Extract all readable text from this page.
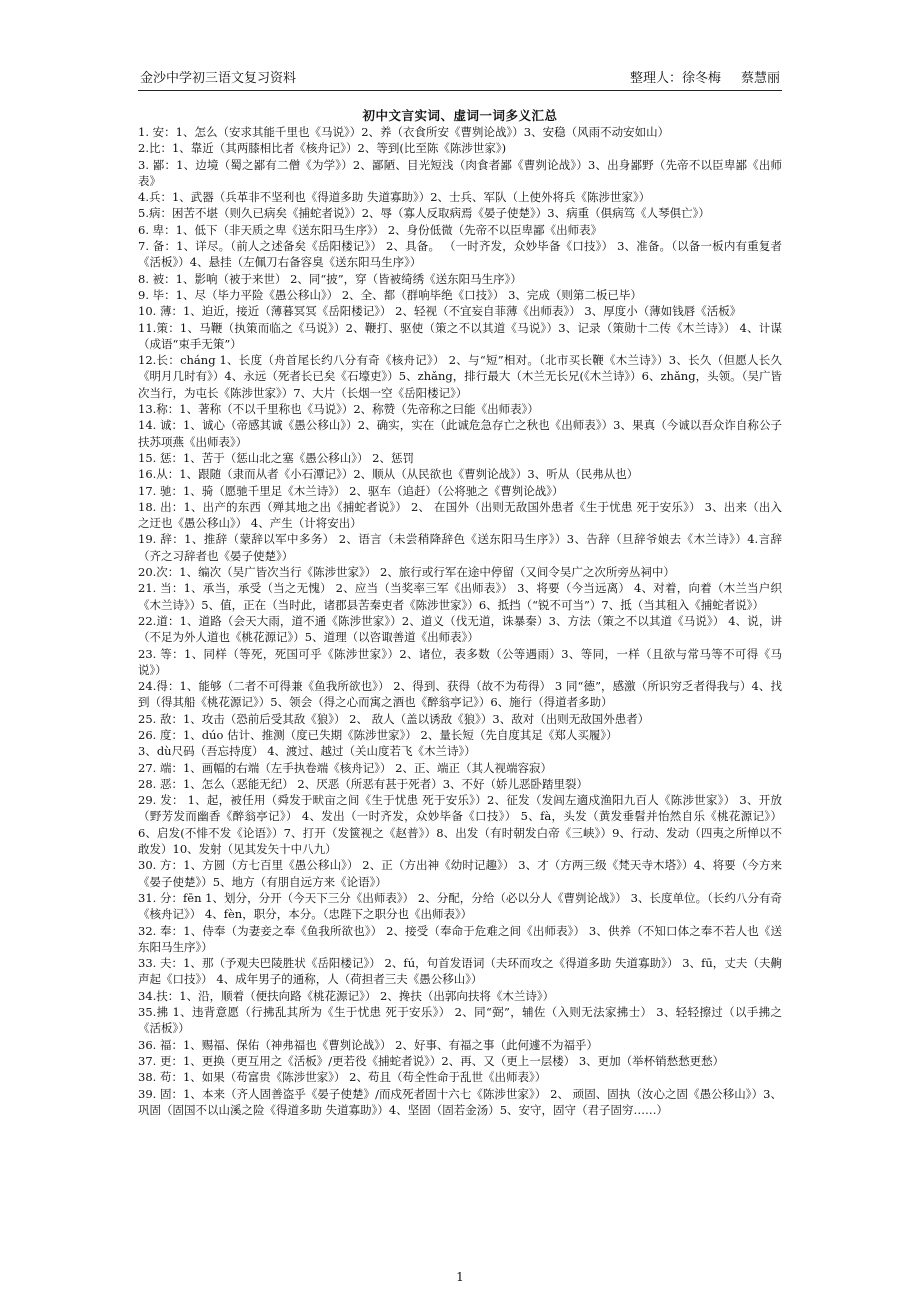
金沙中学初三语文复习资料	整理人：徐冬梅 蔡慧丽
初中文言实词、虚词一词多义汇总

1. 安：1、怎么（安求其能千里也《马说》）2、养（衣食所安《曹刿论战》）3、安稳（风雨不动安如山）

2.比：1、靠近（其两膝相比者《核舟记》）2、等到(比至陈《陈涉世家》)

3. 鄙：1、边境（蜀之鄙有二僧《为学》）2、鄙陋、目光短浅（肉食者鄙《曹刿论战》）3、出身鄙野（先帝不以臣卑鄙《出师表》

4.兵：1、武器（兵革非不坚利也《得道多助 失道寡助》）2、士兵、军队（上使外将兵《陈涉世家》）

5.病：困苦不堪（则久已病矣《捕蛇者说》）2、辱（寡人反取病焉《晏子使楚》）3、病重（俱病笃《人琴俱亡》）

6. 卑：1、低下（非天质之卑《送东阳马生序》） 2、身份低微（先帝不以臣卑鄙《出师表》

7. 备：1、详尽。（前人之述备矣《岳阳楼记》） 2、具备。 （一时齐发，众妙毕备《口技》） 3、准备。（以备一板内有重复者《活板》）4、悬挂（左佩刀右备容臭《送东阳马生序》）

8. 被：1、影响（被于来世） 2、同“披”，穿（皆被绮绣《送东阳马生序》）

9. 毕：1、尽（毕力平险《愚公移山》） 2、全、都（群响毕绝《口技》） 3、完成（则第二板已毕）

10. 薄：1、迫近，接近（薄暮冥冥《岳阳楼记》） 2、轻视（不宜妄自菲薄《出师表》） 3、厚度小（薄如钱唇《活板》

11.策：1、马鞭（执策而临之《马说》）2、鞭打、驱使（策之不以其道《马说》）3、记录（策勋十二传《木兰诗》） 4、计谋（成语“束手无策”）

12.长：cháng 1、长度（舟首尾长约八分有奇《核舟记》） 2、与“短”相对。（北市买长鞭《木兰诗》）3、长久（但愿人长久《明月几时有》）4、永远（死者长已矣《石壕吏》）5、zhǎng，排行最大（木兰无长兄(《木兰诗》）6、zhǎng，头领。（吴广皆次当行，为屯长《陈涉世家》）7、大片（长烟一空《岳阳楼记》）

13.称：1、著称（不以千里称也《马说》）2、称赞（先帝称之曰能《出师表》）

14. 诚：1、诚心（帝感其诚《愚公移山》）2、确实，实在（此诚危急存亡之秋也《出师表》）3、果真（今诚以吾众诈自称公子扶苏项燕《出师表》）

15. 惩：1、苦于（惩山北之塞《愚公移山》） 2、惩罚

16.从：1、跟随（隶而从者《小石潭记》）2、顺从（从民欲也《曹刿论战》）3、听从（民弗从也）

17. 驰：1、骑（愿驰千里足《木兰诗》） 2、驱车（追赶）（公将驰之《曹刿论战》）

18. 出：1、出产的东西（殚其地之出《捕蛇者说》） 2、 在国外（出则无敌国外患者《生于忧患 死于安乐》） 3、出来（出入之迂也《愚公移山》） 4、产生（计将安出）

19. 辞：1、推辞（蒙辞以军中多务） 2、语言（未尝稍降辞色《送东阳马生序》）3、告辞（旦辞爷娘去《木兰诗》）4.言辞（齐之习辞者也《晏子使楚》）

20.次：1、编次（吴广皆次当行《陈涉世家》） 2、旅行或行军在途中停留（又间令吴广之次所旁丛祠中）

21. 当：1、承当，承受（当之无愧） 2、应当（当奖率三军《出师表》） 3、将要（今当远离） 4、对着，向着（木兰当户织《木兰诗》）5、值，正在（当时此，诸郡县苦秦吏者《陈涉世家》）6、抵挡（“锐不可当”）7、抵（当其租入《捕蛇者说》）

22.道：1、道路（会天大雨，道不通《陈涉世家》）2、道义（伐无道，诛暴秦）3、方法（策之不以其道《马说》） 4、说，讲（不足为外人道也《桃花源记》）5、道理（以咨诹善道《出师表》）

23. 等：1、同样（等死，死国可乎《陈涉世家》）2、诸位，表多数（公等遇雨）3、等同，一样（且欲与常马等不可得《马说》）

24.得：1、能够（二者不可得兼《鱼我所欲也》） 2、得到、获得（故不为苟得） 3 同“德”，感激（所识穷乏者得我与）4、找到（得其船《桃花源记》）5、领会（得之心而寓之酒也《醉翁亭记》）6、施行（得道者多助）

25. 敌：1、攻击（恐前后受其敌《狼》） 2、 敌人（盖以诱敌《狼》）3、敌对（出则无敌国外患者）

26. 度：1、dúo 估计、推测（度已失期《陈涉世家》） 2、量长短（先自度其足《郑人买履》）

3、dù尺码（吾忘持度） 4、渡过、越过（关山度若飞《木兰诗》）

27. 端：1、画幅的右端（左手执卷端《核舟记》） 2、正、端正（其人视端容寂）

28. 恶：1、怎么（恶能无纪） 2、厌恶（所恶有甚于死者）3、不好（娇儿恶卧踏里裂）

29. 发： 1、起，被任用（舜发于畎亩之间《生于忧患 死于安乐》）2、征发（发闾左適戍渔阳九百人《陈涉世家》） 3、开放（野芳发而幽香《醉翁亭记》） 4、发出（一时齐发，众妙毕备《口技》） 5、fà，头发（黄发垂髫并怡然自乐《桃花源记》）6、启发(不悱不发《论语》）7、打开（发篋视之《赵普》）8、出发（有时朝发白帝《三峡》）9、行动、发动（四夷之所惮以不敢发）10、发射（见其发矢十中八九）

30. 方：1、方圆（方七百里《愚公移山》） 2、正（方出神《幼时记趣》） 3、才（方两三级《梵天寺木塔》）4、将要（今方来《晏子使楚》）5、地方（有朋自远方来《论语》）

31. 分：fēn 1、划分，分开（今天下三分《出师表》） 2、分配，分给（必以分人《曹刿论战》） 3、长度单位。（长约八分有奇《核舟记》） 4、fèn，职分，本分。（忠陛下之职分也《出师表》）

32. 奉：1、侍奉（为妻妾之奉《鱼我所欲也》） 2、接受（奉命于危难之间《出师表》） 3、供养（不知口体之奉不若人也《送东阳马生序》）

33. 夫：1、那（予观夫巴陵胜状《岳阳楼记》） 2、fú，句首发语词（夫环而攻之《得道多助 失道寡助》） 3、fū，丈夫（夫齁声起《口技》） 4、成年男子的通称，人（荷担者三夫《愚公移山》）

34.扶：1、沿，顺着（便扶向路《桃花源记》） 2、搀扶（出郭向扶将《木兰诗》）

35.拂 1、违背意愿（行拂乱其所为《生于忧患 死于安乐》） 2、同“弼”，辅佐（入则无法家拂士） 3、轻轻擦过（以手拂之《活板》）

36. 福：1、赐福、保佑（神弗福也《曹刿论战》） 2、好事、有福之事（此何遽不为福乎）

37. 更：1、更换（更互用之《活板》/更若役《捕蛇者说》）2、再、又（更上一层楼） 3、更加（举杯销愁愁更愁）

38. 苟：1、如果（苟富贵《陈涉世家》） 2、苟且（苟全性命于乱世《出师表》）

39. 固：1、本来（齐人固善盗乎《晏子使楚》/而戍死者固十六七《陈涉世家》） 2、 顽固、固执（汝心之固《愚公移山》）3、巩固（固国不以山溪之险《得道多助 失道寡助》）4、坚固（固若金汤）5、安守，固守（君子固穷……）

1
